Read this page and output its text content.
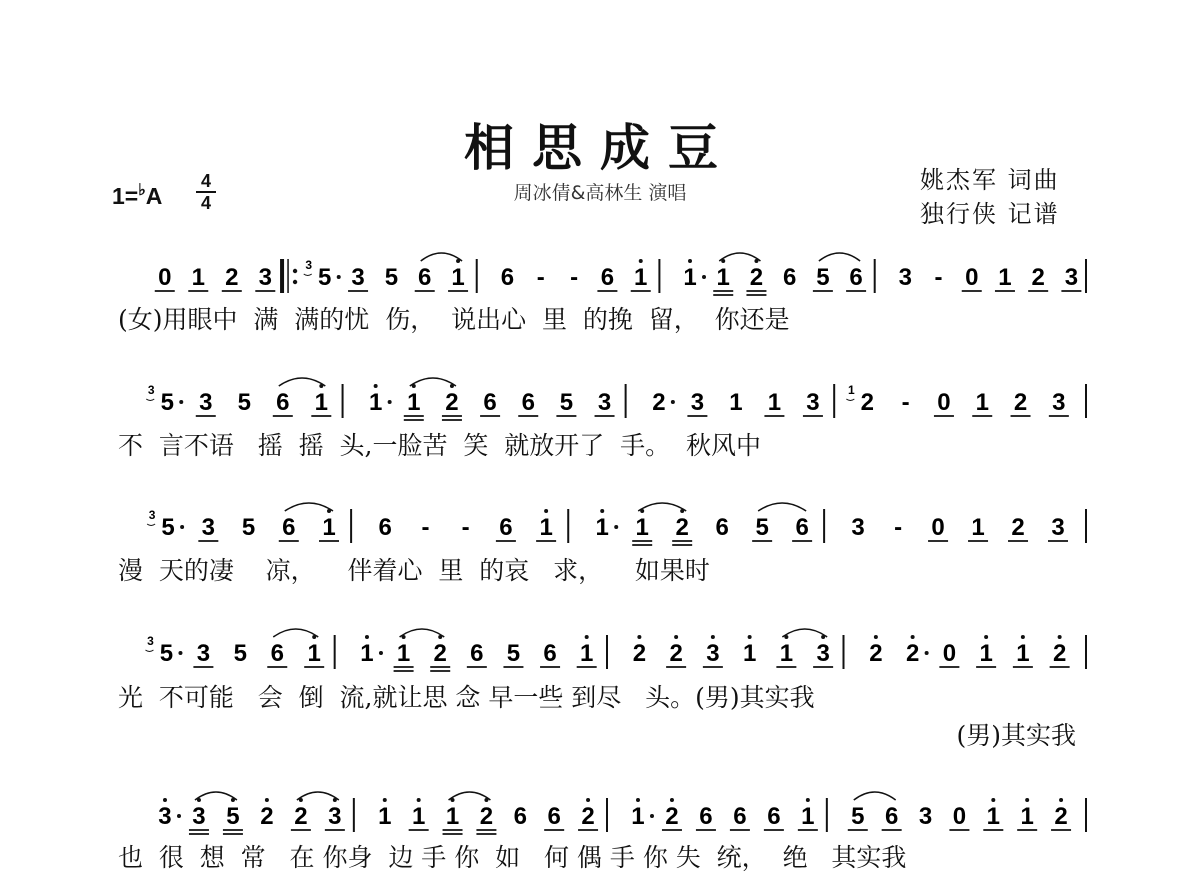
相思成豆
周冰倩&高林生 演唱	姚杰军 词曲
独行侠 记谱
1=♭A
4
4
0 1 2 3	3 5 3 5 6 1 6 - - 6 1 1 1 2 6 5 6 3 - 0 1 2 3
3 5 3 5 6 1 1 1 2 6 6 5 3 2 3 1 1 3 1 2 - 0 1 2 3
3 5 3 5 6 1 6 - - 6 1 1 1 2 6 5 6 3 - 0 1 2 3
3 5 3 5 6 1 1 1 2 6 5 6 1 2 2 3 1 1 3 2 2 0 1 1 2
3 3 5 2 2 3 1 1 1 2 6 6 2 1 2 6 6 6 1 5 6 3 0 1 1 2
(女)用眼中  满  满的忧  伤，  说出心  里  的挽  留，  你还是
不  言不语   摇  摇  头,一脸苦  笑  就放开了  手。  秋风中
漫  天的凄    凉，    伴着心  里  的哀   求，    如果时
光  不可能   会  倒  流,就让思 念 早一些 到尽   头。(男)其实我
(男)其实我
也  很  想  常   在 你身  边 手 你  如   何 偶 手 你 失  统，  绝   其实我
